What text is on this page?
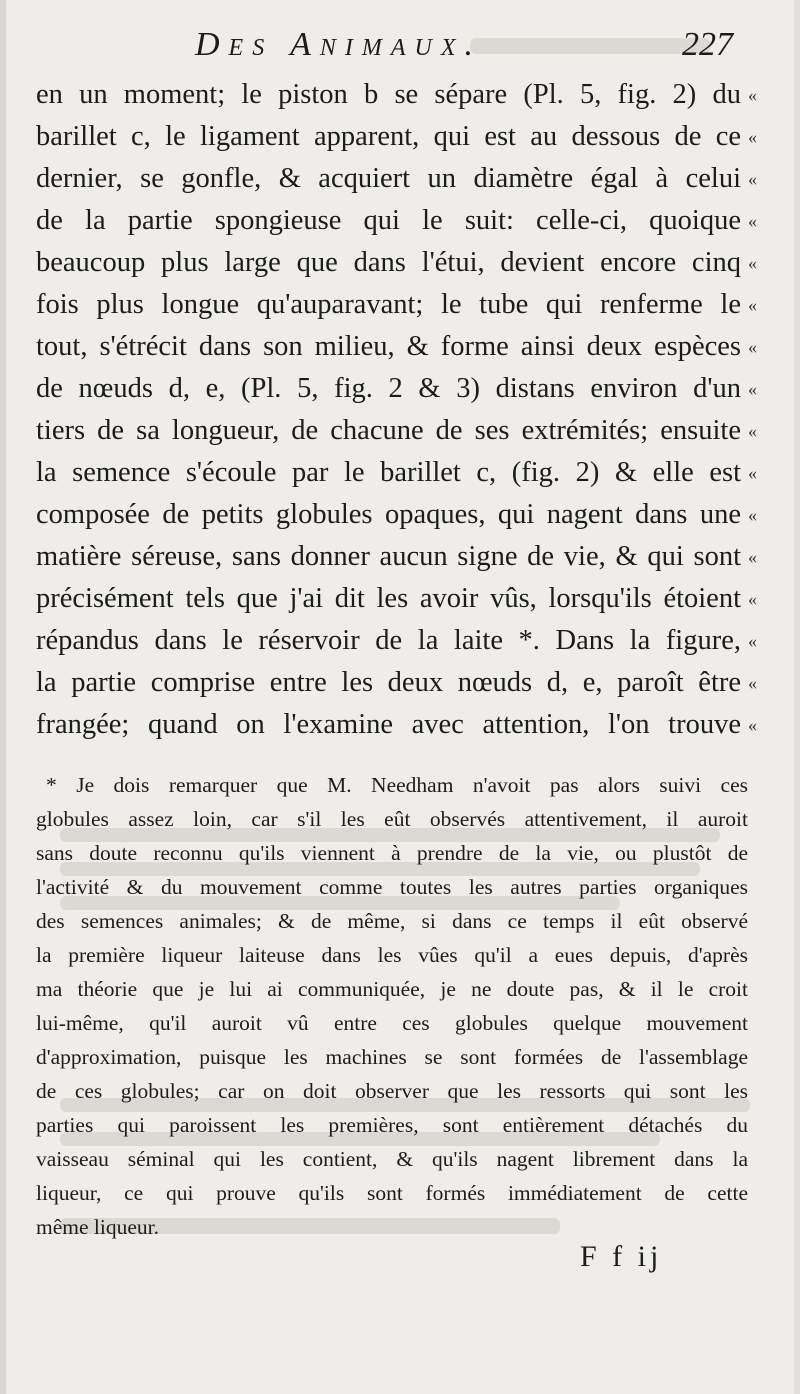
Des Animaux.	227
en un moment; le piston b se sépare (Pl. 5, fig. 2) du
barillet c, le ligament apparent, qui est au dessous de ce
dernier, se gonfle, & acquiert un diamètre égal à celui
de la partie spongieuse qui le suit: celle-ci, quoique
beaucoup plus large que dans l'étui, devient encore cinq
fois plus longue qu'auparavant; le tube qui renferme le
tout, s'étrécit dans son milieu, & forme ainsi deux espèces
de nœuds d, e, (Pl. 5, fig. 2 & 3) distans environ d'un
tiers de sa longueur, de chacune de ses extrémités; ensuite
la semence s'écoule par le barillet c, (fig. 2) & elle est
composée de petits globules opaques, qui nagent dans une
matière séreuse, sans donner aucun signe de vie, & qui sont
précisément tels que j'ai dit les avoir vûs, lorsqu'ils étoient
répandus dans le réservoir de la laite *. Dans la figure,
la partie comprise entre les deux nœuds d, e, paroît être
frangée; quand on l'examine avec attention, l'on trouve
«
«
«
«
«
«
«
«
«
«
«
«
«
«
«
«
* Je dois remarquer que M. Needham n'avoit pas alors suivi ces
globules assez loin, car s'il les eût observés attentivement, il auroit
sans doute reconnu qu'ils viennent à prendre de la vie, ou plustôt de
l'activité & du mouvement comme toutes les autres parties organiques
des semences animales; & de même, si dans ce temps il eût observé
la première liqueur laiteuse dans les vûes qu'il a eues depuis, d'après
ma théorie que je lui ai communiquée, je ne doute pas, & il le croit
lui-même, qu'il auroit vû entre ces globules quelque mouvement
d'approximation, puisque les machines se sont formées de l'assemblage
de ces globules; car on doit observer que les ressorts qui sont les
parties qui paroissent les premières, sont entièrement détachés du
vaisseau séminal qui les contient, & qu'ils nagent librement dans la
liqueur, ce qui prouve qu'ils sont formés immédiatement de cette
même liqueur.
F f ij
